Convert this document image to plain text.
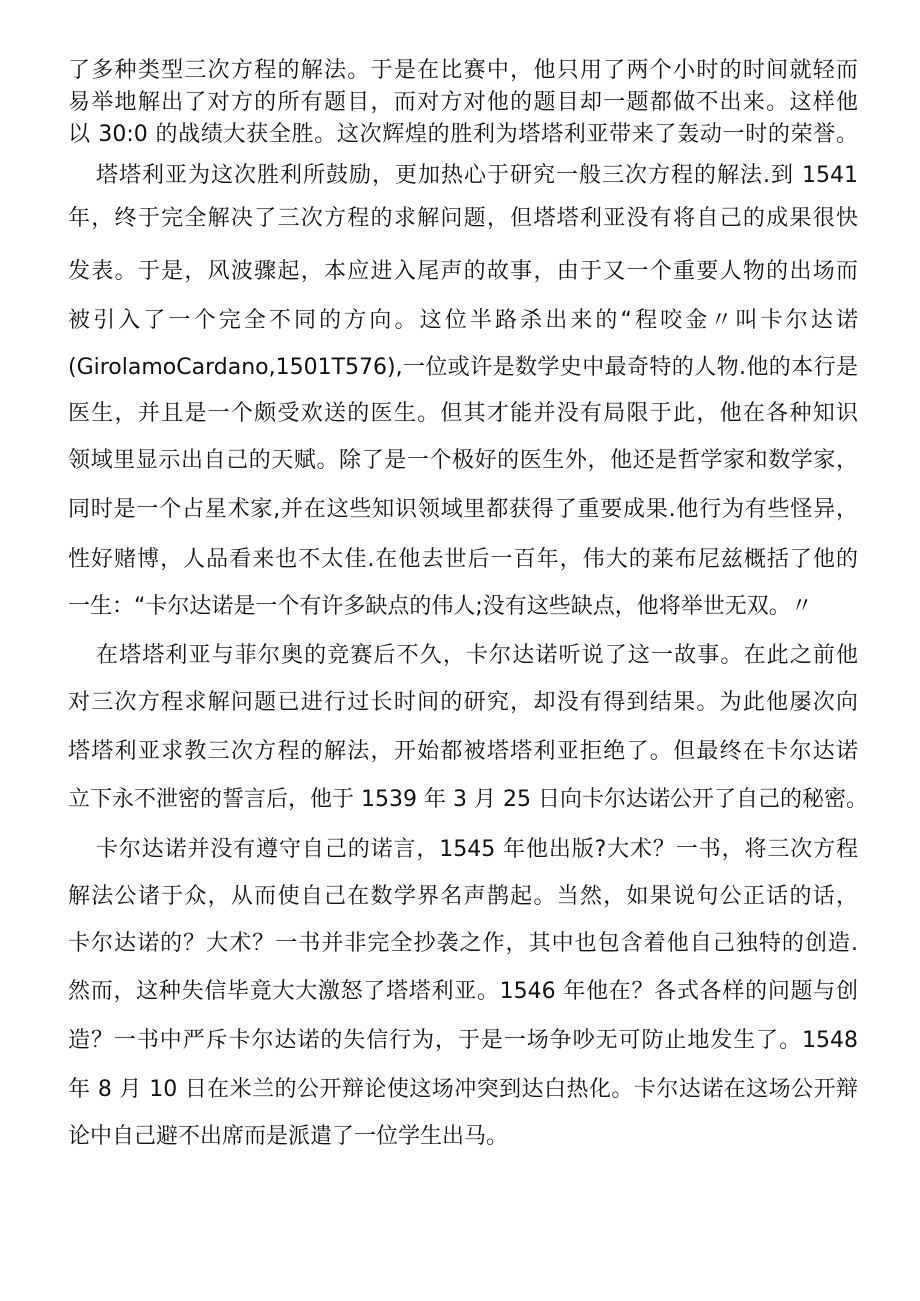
了多种类型三次方程的解法。于是在比赛中，他只用了两个小时的时间就轻而
易举地解出了对方的所有题目，而对方对他的题目却一题都做不出来。这样他
以 30:0 的战绩大获全胜。这次辉煌的胜利为塔塔利亚带来了轰动一时的荣誉。
塔塔利亚为这次胜利所鼓励，更加热心于研究一般三次方程的解法.到 1541
年，终于完全解决了三次方程的求解问题，但塔塔利亚没有将自己的成果很快
发表。于是，风波骤起，本应进入尾声的故事，由于又一个重要人物的出场而
被引入了一个完全不同的方向。这位半路杀出来的“程咬金〃叫卡尔达诺
(GirolamoCardano,1501T576),一位或许是数学史中最奇特的人物.他的本行是
医生，并且是一个颇受欢送的医生。但其才能并没有局限于此，他在各种知识
领域里显示出自己的天赋。除了是一个极好的医生外，他还是哲学家和数学家，
同时是一个占星术家,并在这些知识领域里都获得了重要成果.他行为有些怪异，
性好赌博，人品看来也不太佳.在他去世后一百年，伟大的莱布尼兹概括了他的
一生：“卡尔达诺是一个有许多缺点的伟人;没有这些缺点，他将举世无双。〃
在塔塔利亚与菲尔奥的竞赛后不久，卡尔达诺听说了这一故事。在此之前他
对三次方程求解问题已进行过长时间的研究，却没有得到结果。为此他屡次向
塔塔利亚求教三次方程的解法，开始都被塔塔利亚拒绝了。但最终在卡尔达诺
立下永不泄密的誓言后，他于 1539 年 3 月 25 日向卡尔达诺公开了自己的秘密。
卡尔达诺并没有遵守自己的诺言，1545 年他出版?大术？一书，将三次方程
解法公诸于众，从而使自己在数学界名声鹊起。当然，如果说句公正话的话，
卡尔达诺的？大术？一书并非完全抄袭之作，其中也包含着他自己独特的创造.
然而，这种失信毕竟大大激怒了塔塔利亚。1546 年他在？各式各样的问题与创
造？一书中严斥卡尔达诺的失信行为，于是一场争吵无可防止地发生了。1548
年 8 月 10 日在米兰的公开辩论使这场冲突到达白热化。卡尔达诺在这场公开辩
论中自己避不出席而是派遣了一位学生出马。
